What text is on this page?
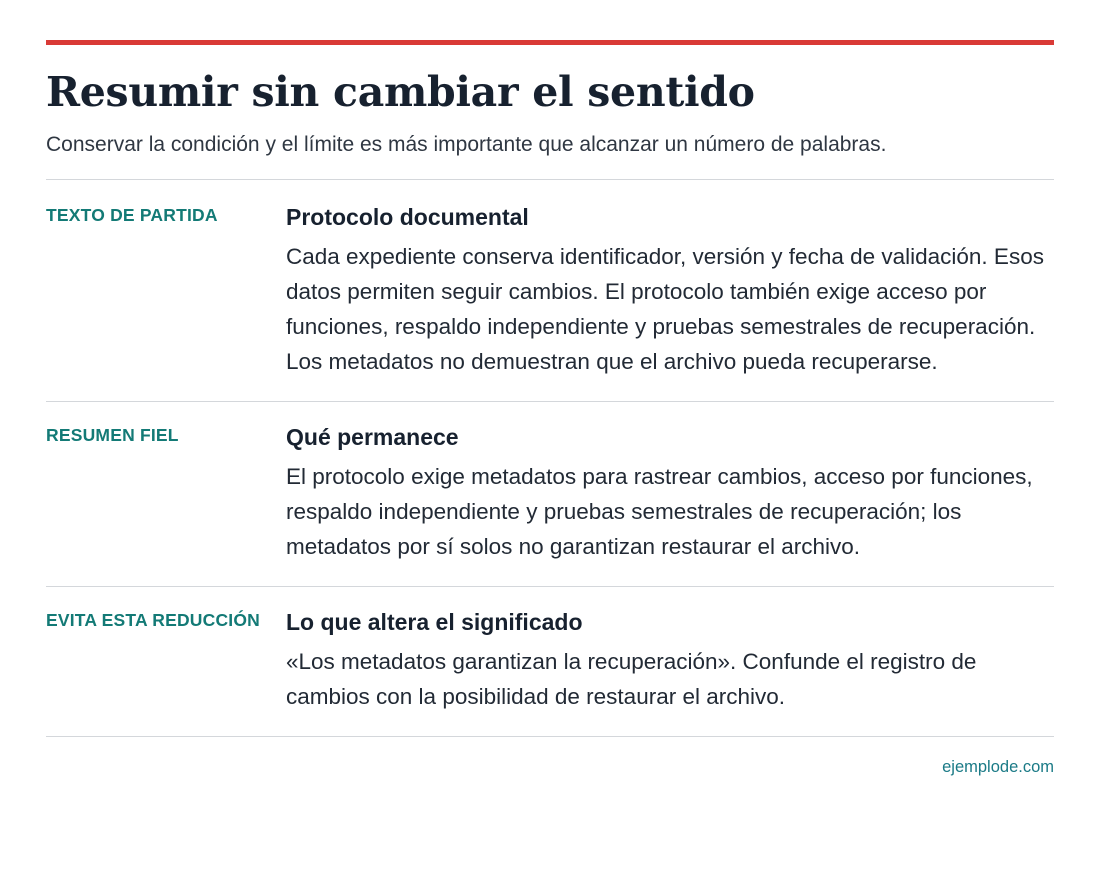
Resumir sin cambiar el sentido

Conservar la condición y el límite es más importante que alcanzar un número de palabras.

TEXTO DE PARTIDA	Protocolo documental

Cada expediente conserva identificador, versión y fecha de validación. Esos datos permiten seguir cambios. El protocolo también exige acceso por funciones, respaldo independiente y pruebas semestrales de recuperación. Los metadatos no demuestran que el archivo pueda recuperarse.

RESUMEN FIEL	Qué permanece

El protocolo exige metadatos para rastrear cambios, acceso por funciones, respaldo independiente y pruebas semestrales de recuperación; los metadatos por sí solos no garantizan restaurar el archivo.

EVITA ESTA REDUCCIÓN	Lo que altera el significado

«Los metadatos garantizan la recuperación». Confunde el registro de cambios con la posibilidad de restaurar el archivo.

ejemplode.com
